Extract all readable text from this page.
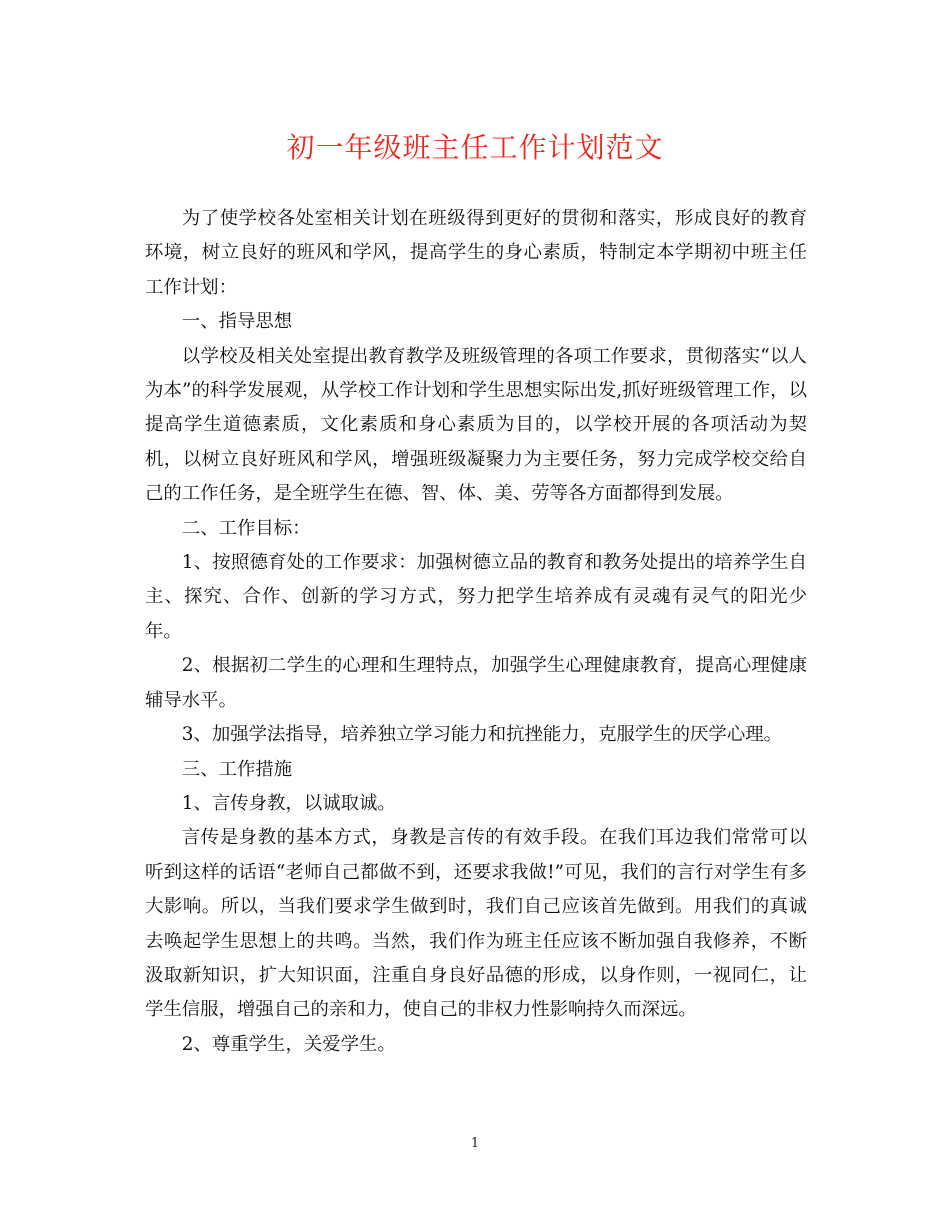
初一年级班主任工作计划范文

为了使学校各处室相关计划在班级得到更好的贯彻和落实，形成良好的教育环境，树立良好的班风和学风，提高学生的身心素质，特制定本学期初中班主任工作计划：

一、指导思想

以学校及相关处室提出教育教学及班级管理的各项工作要求，贯彻落实“以人为本”的科学发展观，从学校工作计划和学生思想实际出发,抓好班级管理工作，以提高学生道德素质，文化素质和身心素质为目的，以学校开展的各项活动为契机，以树立良好班风和学风，增强班级凝聚力为主要任务，努力完成学校交给自己的工作任务，是全班学生在德、智、体、美、劳等各方面都得到发展。

二、工作目标：

1、按照德育处的工作要求：加强树德立品的教育和教务处提出的培养学生自主、探究、合作、创新的学习方式，努力把学生培养成有灵魂有灵气的阳光少年。

2、根据初二学生的心理和生理特点，加强学生心理健康教育，提高心理健康辅导水平。

3、加强学法指导，培养独立学习能力和抗挫能力，克服学生的厌学心理。

三、工作措施

1、言传身教，以诚取诚。

言传是身教的基本方式，身教是言传的有效手段。在我们耳边我们常常可以听到这样的话语“老师自己都做不到，还要求我做!”可见，我们的言行对学生有多大影响。所以，当我们要求学生做到时，我们自己应该首先做到。用我们的真诚去唤起学生思想上的共鸣。当然，我们作为班主任应该不断加强自我修养，不断汲取新知识，扩大知识面，注重自身良好品德的形成，以身作则，一视同仁，让学生信服，增强自己的亲和力，使自己的非权力性影响持久而深远。

2、尊重学生，关爱学生。

1
